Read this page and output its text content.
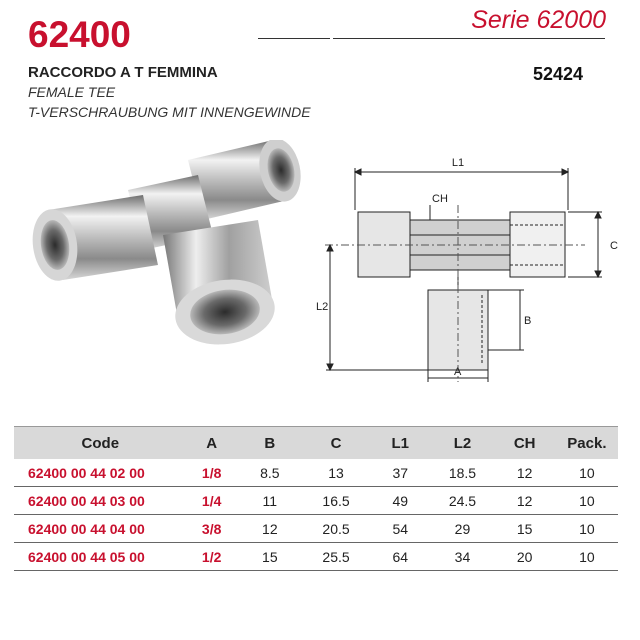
62400	Serie 62000
RACCORDO A T FEMMINA
FEMALE TEE
T-VERSCHRAUBUNG MIT INNENGEWINDE
52424
L1
CH
C
L2
B
A
Code	A	B	C	L1	L2	CH	Pack.
62400 00 44 02 00	1/8	8.5	13	37	18.5	12	10
62400 00 44 03 00	1/4	11	16.5	49	24.5	12	10
62400 00 44 04 00	3/8	12	20.5	54	29	15	10
62400 00 44 05 00	1/2	15	25.5	64	34	20	10
